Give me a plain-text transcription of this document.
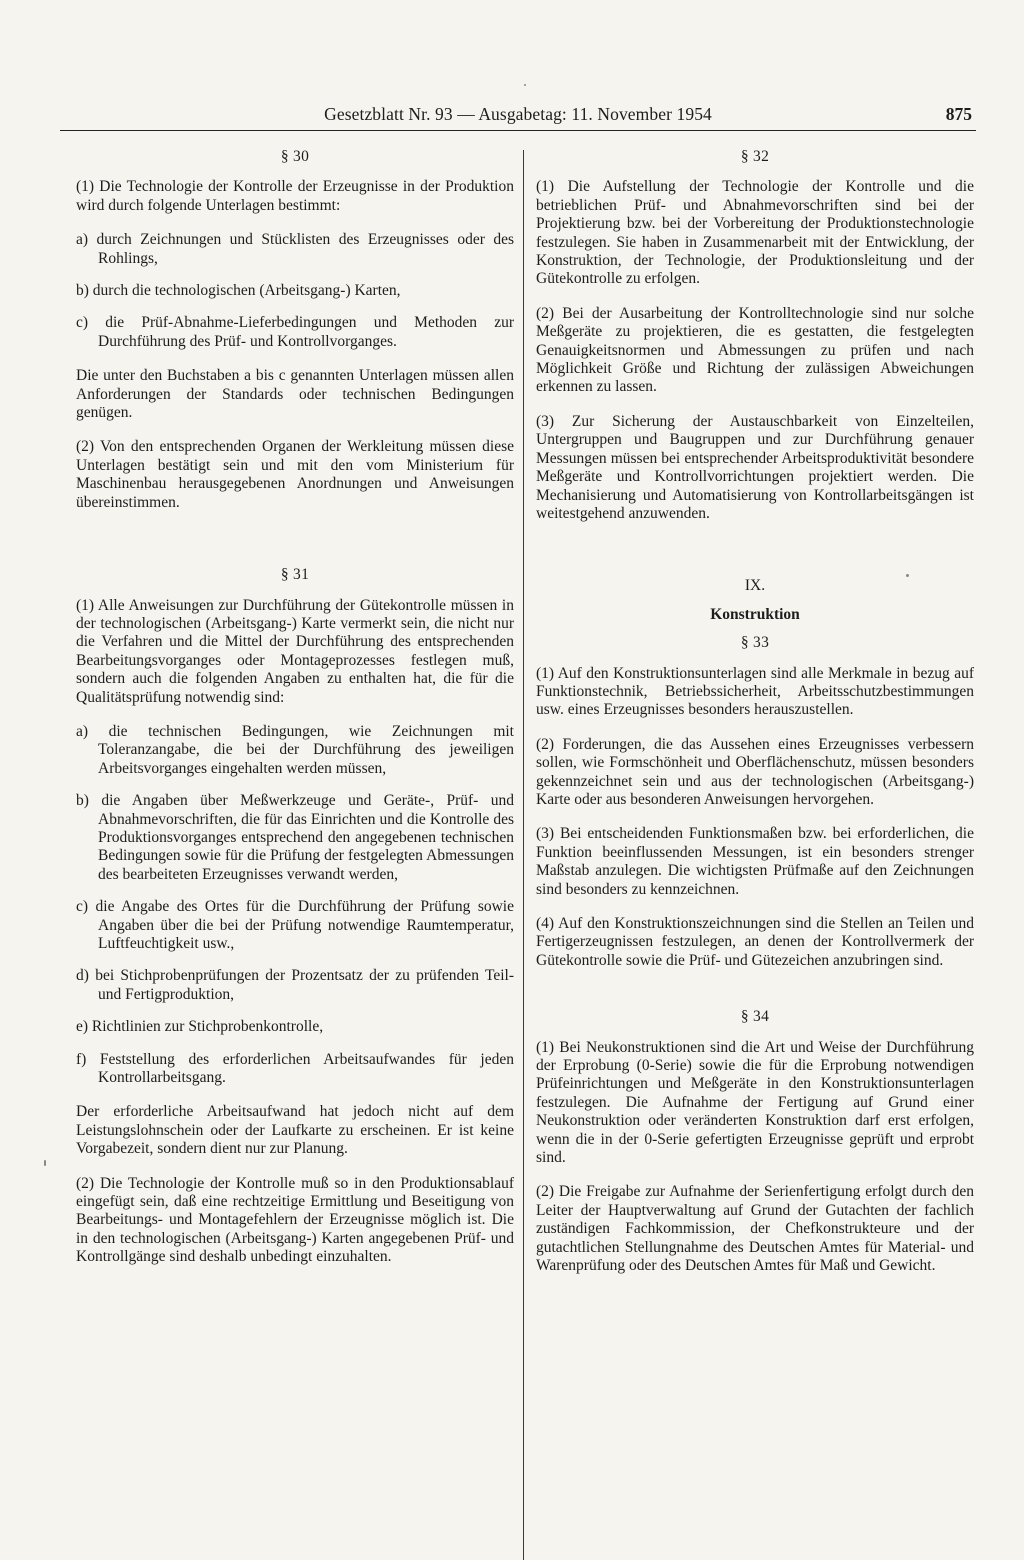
Gesetzblatt Nr. 93 — Ausgabetag: 11. November 1954	875
§ 30

(1) Die Technologie der Kontrolle der Erzeugnisse in der Produktion wird durch folgende Unterlagen bestimmt:

a) durch Zeichnungen und Stücklisten des Erzeugnisses oder des Rohlings,
b) durch die technologischen (Arbeitsgang-) Karten,
c) die Prüf-Abnahme-Lieferbedingungen und Methoden zur Durchführung des Prüf- und Kontrollvorganges.

Die unter den Buchstaben a bis c genannten Unterlagen müssen allen Anforderungen der Standards oder technischen Bedingungen genügen.

(2) Von den entsprechenden Organen der Werkleitung müssen diese Unterlagen bestätigt sein und mit den vom Ministerium für Maschinenbau herausgegebenen Anordnungen und Anweisungen übereinstimmen.

§ 31

(1) Alle Anweisungen zur Durchführung der Gütekontrolle müssen in der technologischen (Arbeitsgang-) Karte vermerkt sein, die nicht nur die Verfahren und die Mittel der Durchführung des entsprechenden Bearbeitungsvorganges oder Montageprozesses festlegen muß, sondern auch die folgenden Angaben zu enthalten hat, die für die Qualitätsprüfung notwendig sind:

a) die technischen Bedingungen, wie Zeichnungen mit Toleranzangabe, die bei der Durchführung des jeweiligen Arbeitsvorganges eingehalten werden müssen,
b) die Angaben über Meßwerkzeuge und Geräte-, Prüf- und Abnahmevorschriften, die für das Einrichten und die Kontrolle des Produktionsvorganges entsprechend den angegebenen technischen Bedingungen sowie für die Prüfung der festgelegten Abmessungen des bearbeiteten Erzeugnisses verwandt werden,
c) die Angabe des Ortes für die Durchführung der Prüfung sowie Angaben über die bei der Prüfung notwendige Raumtemperatur, Luftfeuchtigkeit usw.,
d) bei Stichprobenprüfungen der Prozentsatz der zu prüfenden Teil- und Fertigproduktion,
e) Richtlinien zur Stichprobenkontrolle,
f) Feststellung des erforderlichen Arbeitsaufwandes für jeden Kontrollarbeitsgang.

Der erforderliche Arbeitsaufwand hat jedoch nicht auf dem Leistungslohnschein oder der Laufkarte zu erscheinen. Er ist keine Vorgabezeit, sondern dient nur zur Planung.

(2) Die Technologie der Kontrolle muß so in den Produktionsablauf eingefügt sein, daß eine rechtzeitige Ermittlung und Beseitigung von Bearbeitungs- und Montagefehlern der Erzeugnisse möglich ist. Die in den technologischen (Arbeitsgang-) Karten angegebenen Prüf- und Kontrollgänge sind deshalb unbedingt einzuhalten.

§ 32

(1) Die Aufstellung der Technologie der Kontrolle und die betrieblichen Prüf- und Abnahmevorschriften sind bei der Projektierung bzw. bei der Vorbereitung der Produktionstechnologie festzulegen. Sie haben in Zusammenarbeit mit der Entwicklung, der Konstruktion, der Technologie, der Produktionsleitung und der Gütekontrolle zu erfolgen.

(2) Bei der Ausarbeitung der Kontrolltechnologie sind nur solche Meßgeräte zu projektieren, die es gestatten, die festgelegten Genauigkeitsnormen und Abmessungen zu prüfen und nach Möglichkeit Größe und Richtung der zulässigen Abweichungen erkennen zu lassen.

(3) Zur Sicherung der Austauschbarkeit von Einzelteilen, Untergruppen und Baugruppen und zur Durchführung genauer Messungen müssen bei entsprechender Arbeitsproduktivität besondere Meßgeräte und Kontrollvorrichtungen projektiert werden. Die Mechanisierung und Automatisierung von Kontrollarbeitsgängen ist weitestgehend anzuwenden.

IX.
Konstruktion
§ 33

(1) Auf den Konstruktionsunterlagen sind alle Merkmale in bezug auf Funktionstechnik, Betriebssicherheit, Arbeitsschutzbestimmungen usw. eines Erzeugnisses besonders herauszustellen.

(2) Forderungen, die das Aussehen eines Erzeugnisses verbessern sollen, wie Formschönheit und Oberflächenschutz, müssen besonders gekennzeichnet sein und aus der technologischen (Arbeitsgang-) Karte oder aus besonderen Anweisungen hervorgehen.

(3) Bei entscheidenden Funktionsmaßen bzw. bei erforderlichen, die Funktion beeinflussenden Messungen, ist ein besonders strenger Maßstab anzulegen. Die wichtigsten Prüfmaße auf den Zeichnungen sind besonders zu kennzeichnen.

(4) Auf den Konstruktionszeichnungen sind die Stellen an Teilen und Fertigerzeugnissen festzulegen, an denen der Kontrollvermerk der Gütekontrolle sowie die Prüf- und Gütezeichen anzubringen sind.

§ 34

(1) Bei Neukonstruktionen sind die Art und Weise der Durchführung der Erprobung (0-Serie) sowie die für die Erprobung notwendigen Prüfeinrichtungen und Meßgeräte in den Konstruktionsunterlagen festzulegen. Die Aufnahme der Fertigung auf Grund einer Neukonstruktion oder veränderten Konstruktion darf erst erfolgen, wenn die in der 0-Serie gefertigten Erzeugnisse geprüft und erprobt sind.

(2) Die Freigabe zur Aufnahme der Serienfertigung erfolgt durch den Leiter der Hauptverwaltung auf Grund der Gutachten der fachlich zuständigen Fachkommission, der Chefkonstrukteure und der gutachtlichen Stellungnahme des Deutschen Amtes für Material- und Warenprüfung oder des Deutschen Amtes für Maß und Gewicht.
